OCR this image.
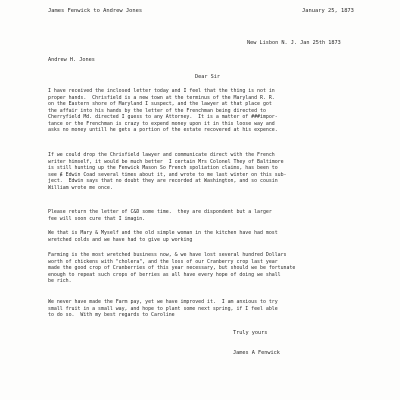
James Fenwick to Andrew Jones	January 25, 1873
New Lisbon N. J. Jan 25th 1873
Andrew H. Jones
Dear Sir
I have received the inclosed letter today and I feel that the thing is not in
proper hands.  Chrisfield is a new town at the terminus of the Maryland R. R.
on the Eastern shore of Maryland I suspect, and the lawyer at that place got
the affair into his hands by the letter of the Frenchman being directed to
Cherryfield Md. directed I guess to any Attorney.  It is a matter of ###impor-
tance or the Frenchman is crazy to expend money upon it in this loose way and
asks no money untill he gets a portion of the estate recovered at his expence.
If we could drop the Chrisfield lawyer and communicate direct with the French
writer himself, it would be much better  I certain Mrs Colonel They of Baltimore
is still hunting up the Fenwick Mason So French spoliation claims, has been to
see ∉ Edwin Coad several times about it, and wrote to me last winter on this sub-
ject.  Edwin says that no doubt they are recorded at Washington, and so cousin
William wrote me once.
Please return the letter of C&D some time.  they are dispondent but a larger
fee will soon cure that I imagin.
We that is Mary & Myself and the old simple woman in the kitchen have had most
wretched colds and we have had to give up working
Farming is the most wretched business now, & we have lost several hundred Dollars
worth of chickens with "cholera", and the loss of our Cranberry crop last year
made the good crop of Cranberries of this year necessary, but should we be fortunate
enough to repeat such crops of berries as all have every hope of doing we shall
be rich.
We never have made the Farm pay, yet we have improved it.  I am anxious to try
small fruit in a small way, and hope to plant some next spring, if I feel able
to do so.  With my best regards to Caroline
Truly yours
James A Fenwick
